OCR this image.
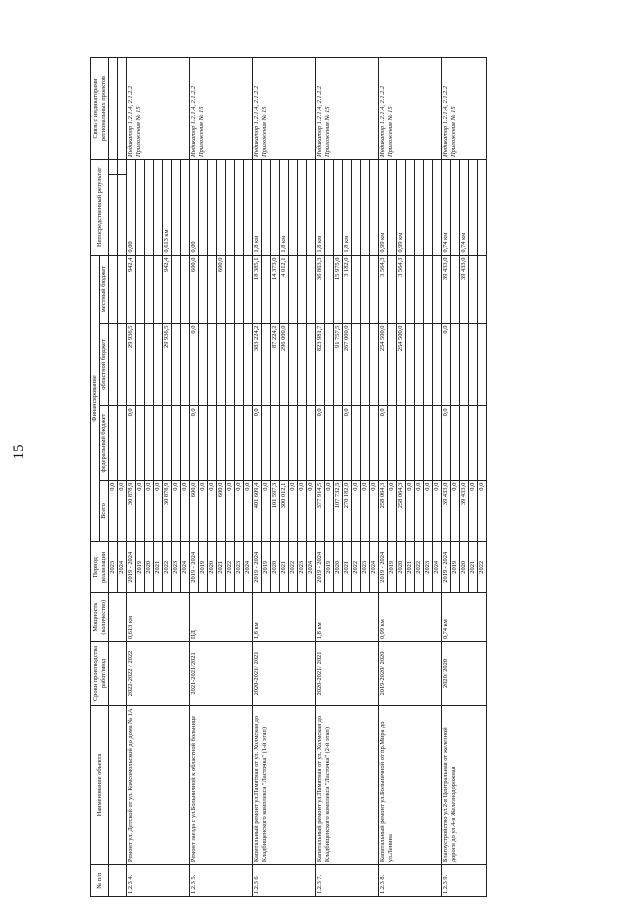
15
№ п/п	Наименование объекта	Сроки производства работ/ввод	Мощность (количество)	Период реализации	Финансирование				Непосредственный результат		Связь с индикаторами региональных проектов
					Всего	федеральный бюджет	областной бюджет	местный бюджет			
				2023	0,0						
				2024	0,0						
1.2.3 4.	Ремонт ул. Детской от ул. Комсомольской до дома № 1А	2022-2022 / 2022	0,613 км	2019 - 2024	30 878,9	0,0	29 936,5	942,4	0,00		Индикатор 1.2.1.4, 2.1.2.2 Приложения № 15
				2019	0,0						
				2020	0,0						
				2021	0,0						
				2022	30 878,9		29 936,5	942,4	0,613 км		
				2023	0,0						
				2024	0,0						
1.2.3 5.	Ремонт заезда с ул.Больничной к областной больнице	2021-2021/2021	ПД	2019 - 2024	600,0	0,0	0,0	600,0	0,00		Индикатор 1.2.1.4, 2.1.2.2 Приложения № 15
				2019	0,0						
				2020	0,0						
				2021	600,0			600,0			
				2022	0,0						
				2023	0,0						
				2024	0,0						
1.2.3 6	Капитальный ремонт ул.Памятная от ул. Холмская до Кладбищенского комплекса "Ласточка" (1-й этап)	2020-2021/ 2021	1,8 км	2019 - 2024	401 609,4	0,0	383 224,2	18 385,1	1,8 км		Индикатор 1.2.1.4, 2.1.2.2 Приложения № 15
				2019	0,0						
				2020	101 597,3		87 224,2	14 373,0			
				2021	300 012,1		296 000,0	4 012,1	1,8 км		
				2022	0,0						
				2023	0,0						
				2024	0,0						
1.2.3 7.	Капитальный ремонт ул.Памятная от ул. Холмская до Кладбищенского комплекса "Ласточка" (2-й этап)	2020-2021/ 2021	1,8 км	2019 - 2024	377 914,5	0,0	823 981,7	36 863,3	1,8 км		Индикатор 1.2.1.4, 2.1.2.2 Приложения № 15
				2019	0,0						
				2020	107 732,5		91 757,5	15 975,0			
				2021	270 182,0	0,0	267 000,0	3 182,0	1,8 км		
				2022	0,0						
				2023	0,0						
				2024	0,0						
1.2.3 8.	Капитальный ремонт ул.Больничной от пр.Мира до ул.Ленина	2019-2020/ 2020	0,99 км	2019 - 2024	258 064,3	0,0	254 500,0	3 564,3	0,99 км		Индикатор 1.2.1.4, 2.1.2.2 Приложения № 15
				2019	0,0						
				2020	258 064,3		254 500,0	3 564,3	0,99 км		
				2021	0,0						
				2022	0,0						
				2023	0,0						
				2024	0,0						
1.2.3 9.	Благоустройство ул.2-я Центральная от железной дороги до ул.4-я Железнодорожная	2020/ 2020	0,74 км	2019 - 2024	39 433,0	0,0	0,0	39 433,0	0,74 км		Индикатор 1.2.1.4, 2.1.2.2 Приложения № 15
				2019	0,0						
				2020	39 433,0			39 433,0	0,74 км		
				2021	0,0						
				2022	0,0						
